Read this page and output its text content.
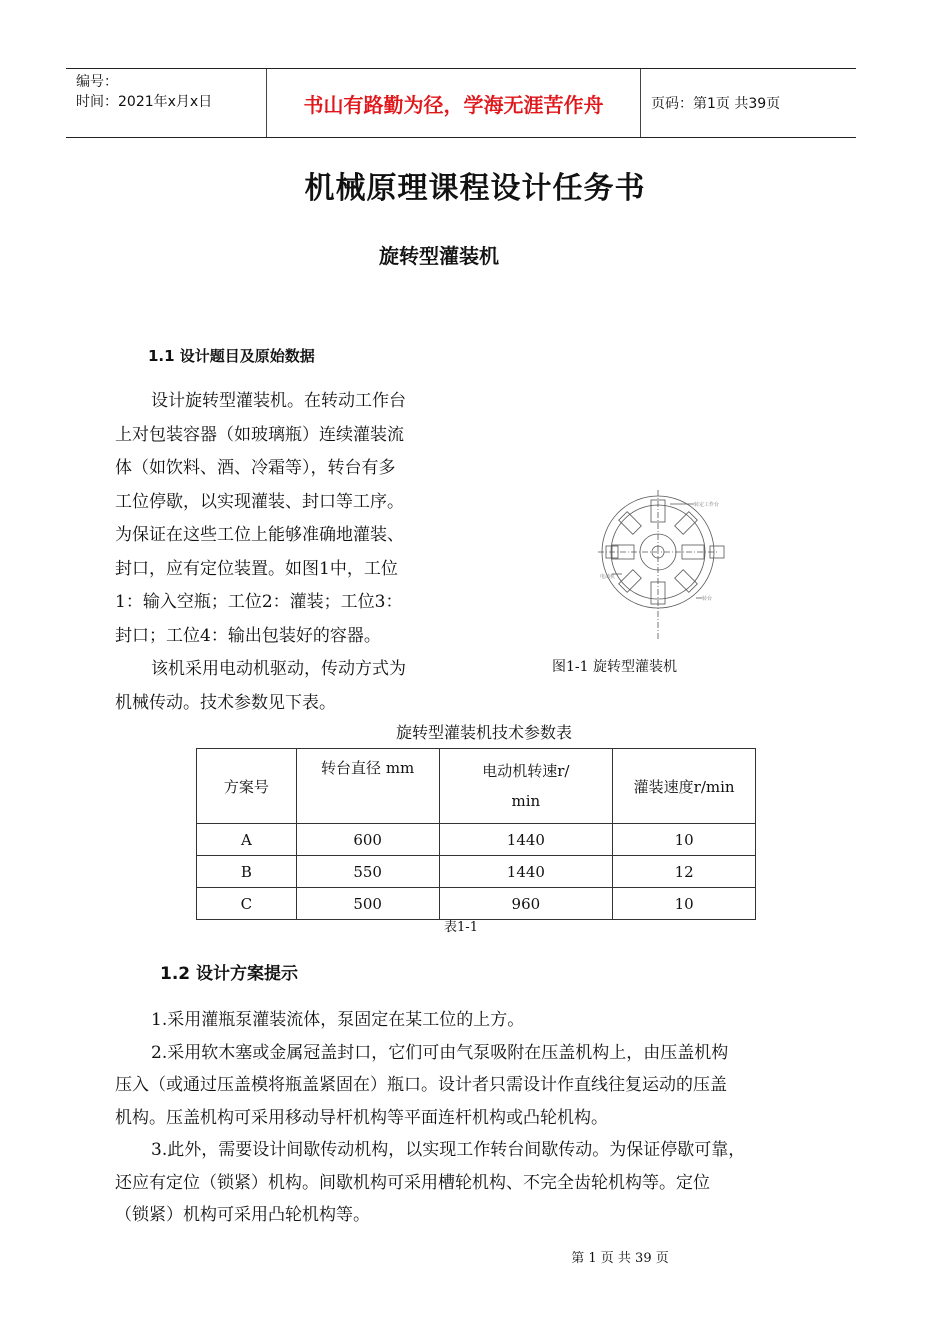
编号：
时间：2021年x月x日	书山有路勤为径，学海无涯苦作舟	页码：第1页 共39页
机械原理课程设计任务书
旋转型灌装机
1.1 设计题目及原始数据

设计旋转型灌装机。在转动工作台

上对包装容器（如玻璃瓶）连续灌装流

体（如饮料、酒、冷霜等），转台有多

工位停歇，以实现灌装、封口等工序。

为保证在这些工位上能够准确地灌装、

封口，应有定位装置。如图1中，工位

1：输入空瓶；工位2：灌装；工位3：

封口；工位4：输出包装好的容器。

该机采用电动机驱动，传动方式为

机械传动。技术参数见下表。

转定工作台
转台
电动机
图1-1 旋转型灌装机
旋转型灌装机技术参数表
方案号	转台直径 mm	电动机转速r/
min	灌装速度r/min
A	600	1440	10
B	550	1440	12
C	500	960	10
表1-1
1.2 设计方案提示

1.采用灌瓶泵灌装流体，泵固定在某工位的上方。

2.采用软木塞或金属冠盖封口，它们可由气泵吸附在压盖机构上，由压盖机构

压入（或通过压盖模将瓶盖紧固在）瓶口。设计者只需设计作直线往复运动的压盖

机构。压盖机构可采用移动导杆机构等平面连杆机构或凸轮机构。

3.此外，需要设计间歇传动机构，以实现工作转台间歇传动。为保证停歇可靠，

还应有定位（锁紧）机构。间歇机构可采用槽轮机构、不完全齿轮机构等。定位

（锁紧）机构可采用凸轮机构等。

第 1 页 共 39 页
